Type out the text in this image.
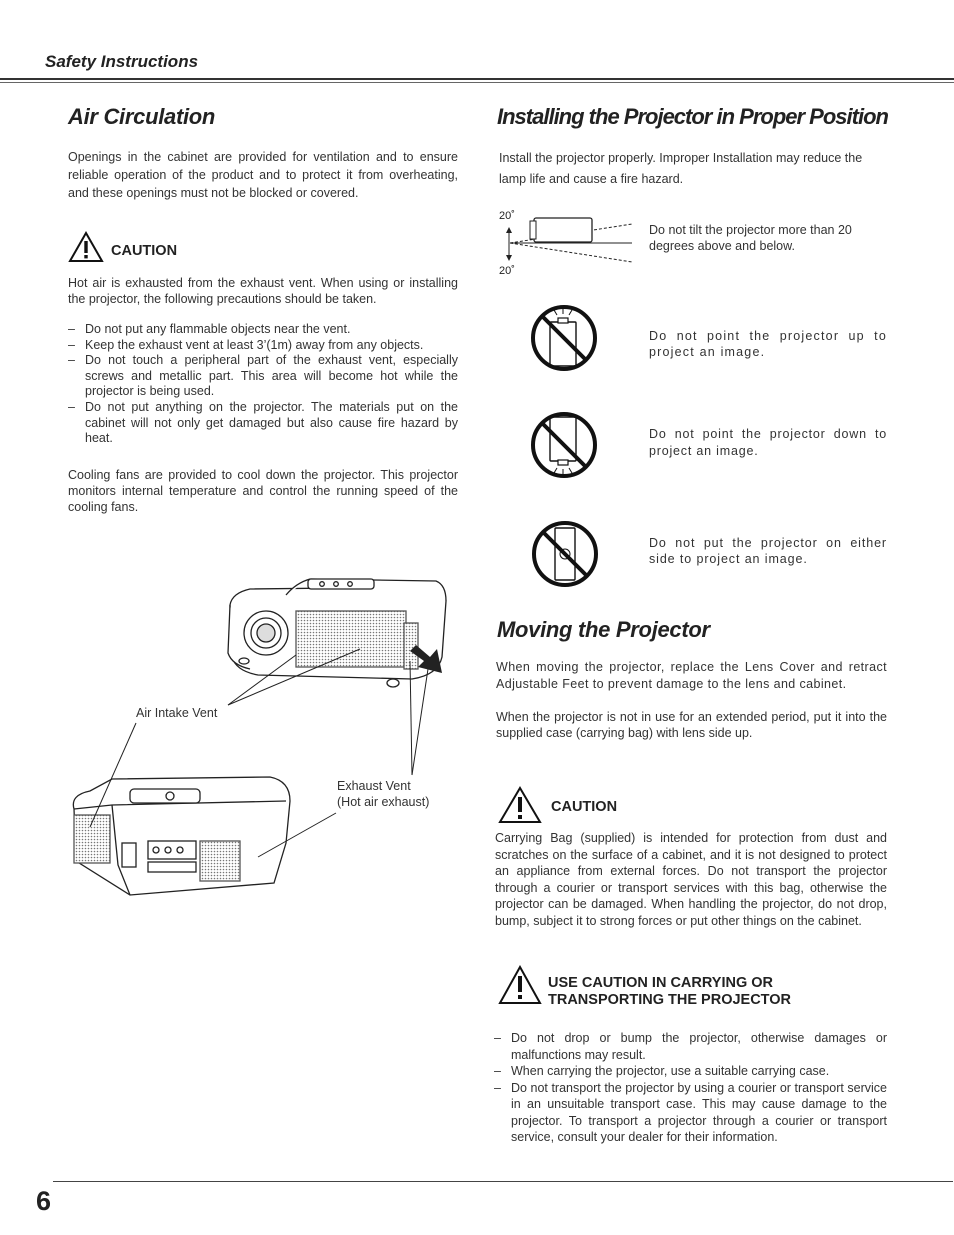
Safety Instructions
Air Circulation
Openings in the cabinet are provided for ventilation and to ensure reliable operation of the product and to protect it from overheating, and these openings must not be blocked or covered.
CAUTION
Hot air is exhausted from the exhaust vent. When using or installing the projector, the following precautions should be taken.
– Do not put any flammable objects near the vent.
– Keep the exhaust vent at least 3’(1m) away from any objects.
– Do not touch a peripheral part of the exhaust vent, especially screws and metallic part. This area will become hot while the projector is being used.
– Do not put anything on the projector. The materials put on the cabinet will not only get damaged but also cause fire hazard by heat.
Cooling fans are provided to cool down the projector. This projector monitors internal temperature and control the running speed of the cooling fans.
Air Intake Vent
Exhaust Vent
(Hot air exhaust)
Installing the Projector in Proper Position
Install the projector properly. Improper Installation may reduce the lamp life and cause a fire hazard.
20˚
20˚
Do not tilt the projector more than 20 degrees above and below.
Do not point the projector up to project an image.
Do not point the projector down to project an image.
Do not put the projector on either side to project an image.
Moving the Projector
When moving the projector, replace the Lens Cover and retract Adjustable Feet to prevent damage to the lens and cabinet.
When the projector is not in use for an extended period, put it into the supplied case (carrying bag) with lens side up.
CAUTION
Carrying Bag (supplied) is intended for protection from dust and scratches on the surface of a cabinet, and it is not designed to protect an appliance from external forces. Do not transport the projector through a courier or transport services with this bag, otherwise the projector can be damaged. When handling the projector, do not drop, bump, subject it to strong forces or put other things on the cabinet.
USE CAUTION IN CARRYING OR
TRANSPORTING THE PROJECTOR
– Do not drop or bump the projector, otherwise damages or malfunctions may result.
– When carrying the projector, use a suitable carrying case.
– Do not transport the projector by using a courier or transport service in an unsuitable transport case. This may cause damage to the projector. To transport a projector through a courier or transport service, consult your dealer for their information.
6
